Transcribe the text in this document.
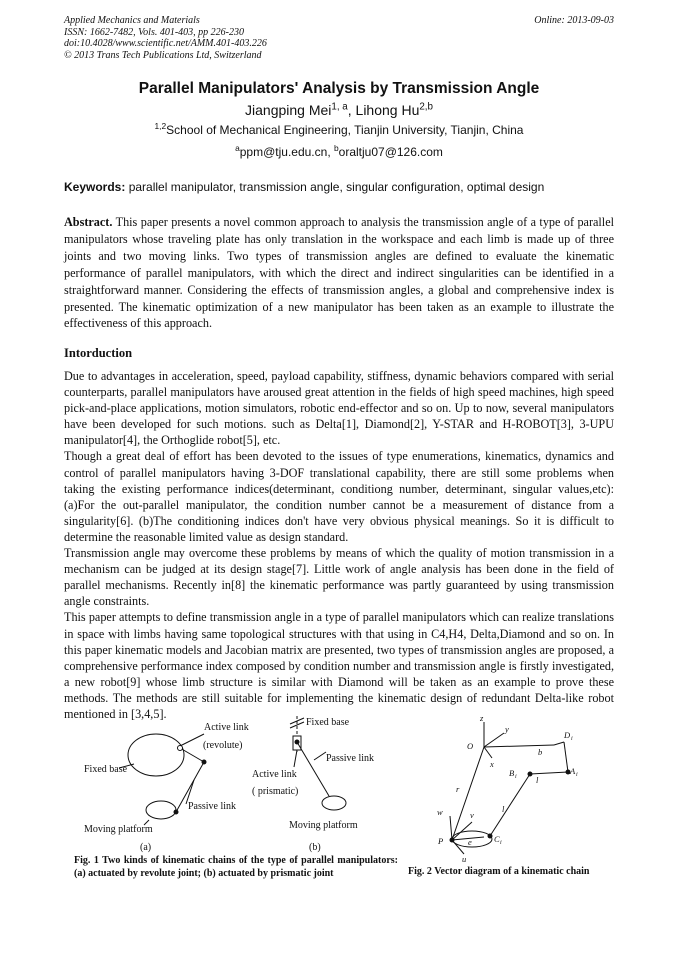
Applied Mechanics and Materials
ISSN: 1662-7482, Vols. 401-403, pp 226-230
doi:10.4028/www.scientific.net/AMM.401-403.226
© 2013 Trans Tech Publications Ltd, Switzerland
Online: 2013-09-03
Parallel Manipulators' Analysis by Transmission Angle
Jiangping Mei$^{1, a}$, Lihong Hu$^{2,b}$
$^{1,2}$School of Mechanical Engineering, Tianjin University, Tianjin, China
$^a$ppm@tju.edu.cn, $^b$oraltju07@126.com
Keywords: parallel manipulator, transmission angle, singular configuration, optimal design
Abstract. This paper presents a novel common approach to analysis the transmission angle of a type of parallel manipulators whose traveling plate has only translation in the workspace and each limb is made up of three joints and two moving links. Two types of transmission angles are defined to evaluate the kinematic performance of parallel manipulators, with which the direct and indirect singularities can be identified in a straightforward manner. Considering the effects of transmission angles, a global and comprehensive index is presented. The kinematic optimization of a new manipulator has been taken as an example to illustrate the effectiveness of this approach.
Intorduction

Due to advantages in acceleration, speed, payload capability, stiffness, dynamic behaviors compared with serial counterparts, parallel manipulators have aroused great attention in the fields of high speed machines, high speed pick-and-place applications, motion simulators, robotic end-effector and so on. Up to now, several manipulators have been developed for such motions. such as Delta[1], Diamond[2], Y-STAR and H-ROBOT[3], 3-UPU manipulator[4], the Orthoglide robot[5], etc.

Though a great deal of effort has been devoted to the issues of type enumerations, kinematics, dynamics and control of parallel manipulators having 3-DOF translational capability, there are still some problems when taking the existing performance indices(determinant, conditiong number, determinant, singular values,etc): (a)For the out-parallel manipulator, the condition number cannot be a measurement of distance from a singularity[6]. (b)The conditioning indices don't have very obvious physical meanings. So it is difficult to determine the reasonable limited value as design standard.

Transmission angle may overcome these problems by means of which the quality of motion transmission in a mechanism can be judged at its design stage[7]. Little work of angle analysis has been done in the field of parallel mechanisms. Recently in[8] the kinematic performance was partly guaranteed by using transmission angle constraints.

This paper attempts to define transmission angle in a type of parallel manipulators which can realize translations in space with limbs having same topological structures with that using in C4,H4, Delta,Diamond and so on. In this paper kinematic models and Jacobian matrix are presented, two types of transmission angles are proposed, a comprehensive performance index composed by condition number and transmission angle is firstly investigated, a new robot[9] whose limb structure is similar with Diamond will be taken as an example to prove these methods. The methods are still suitable for implementing the kinematic design of redundant Delta-like robot mentioned in [3,4,5].

Active link
(revolute)
Fixed base
Passive link
Moving platform
(a)
Fixed base
Passive link
Active link
( prismatic)
Moving platform
(b)
Fig. 1 Two kinds of kinematic chains of the type of parallel manipulators: (a) actuated by revolute joint; (b) actuated by prismatic joint
z
y
x
O
D i
b
A i
B i l
r
w	v
l
P	e	C i
u
Fig. 2 Vector diagram of a kinematic chain
